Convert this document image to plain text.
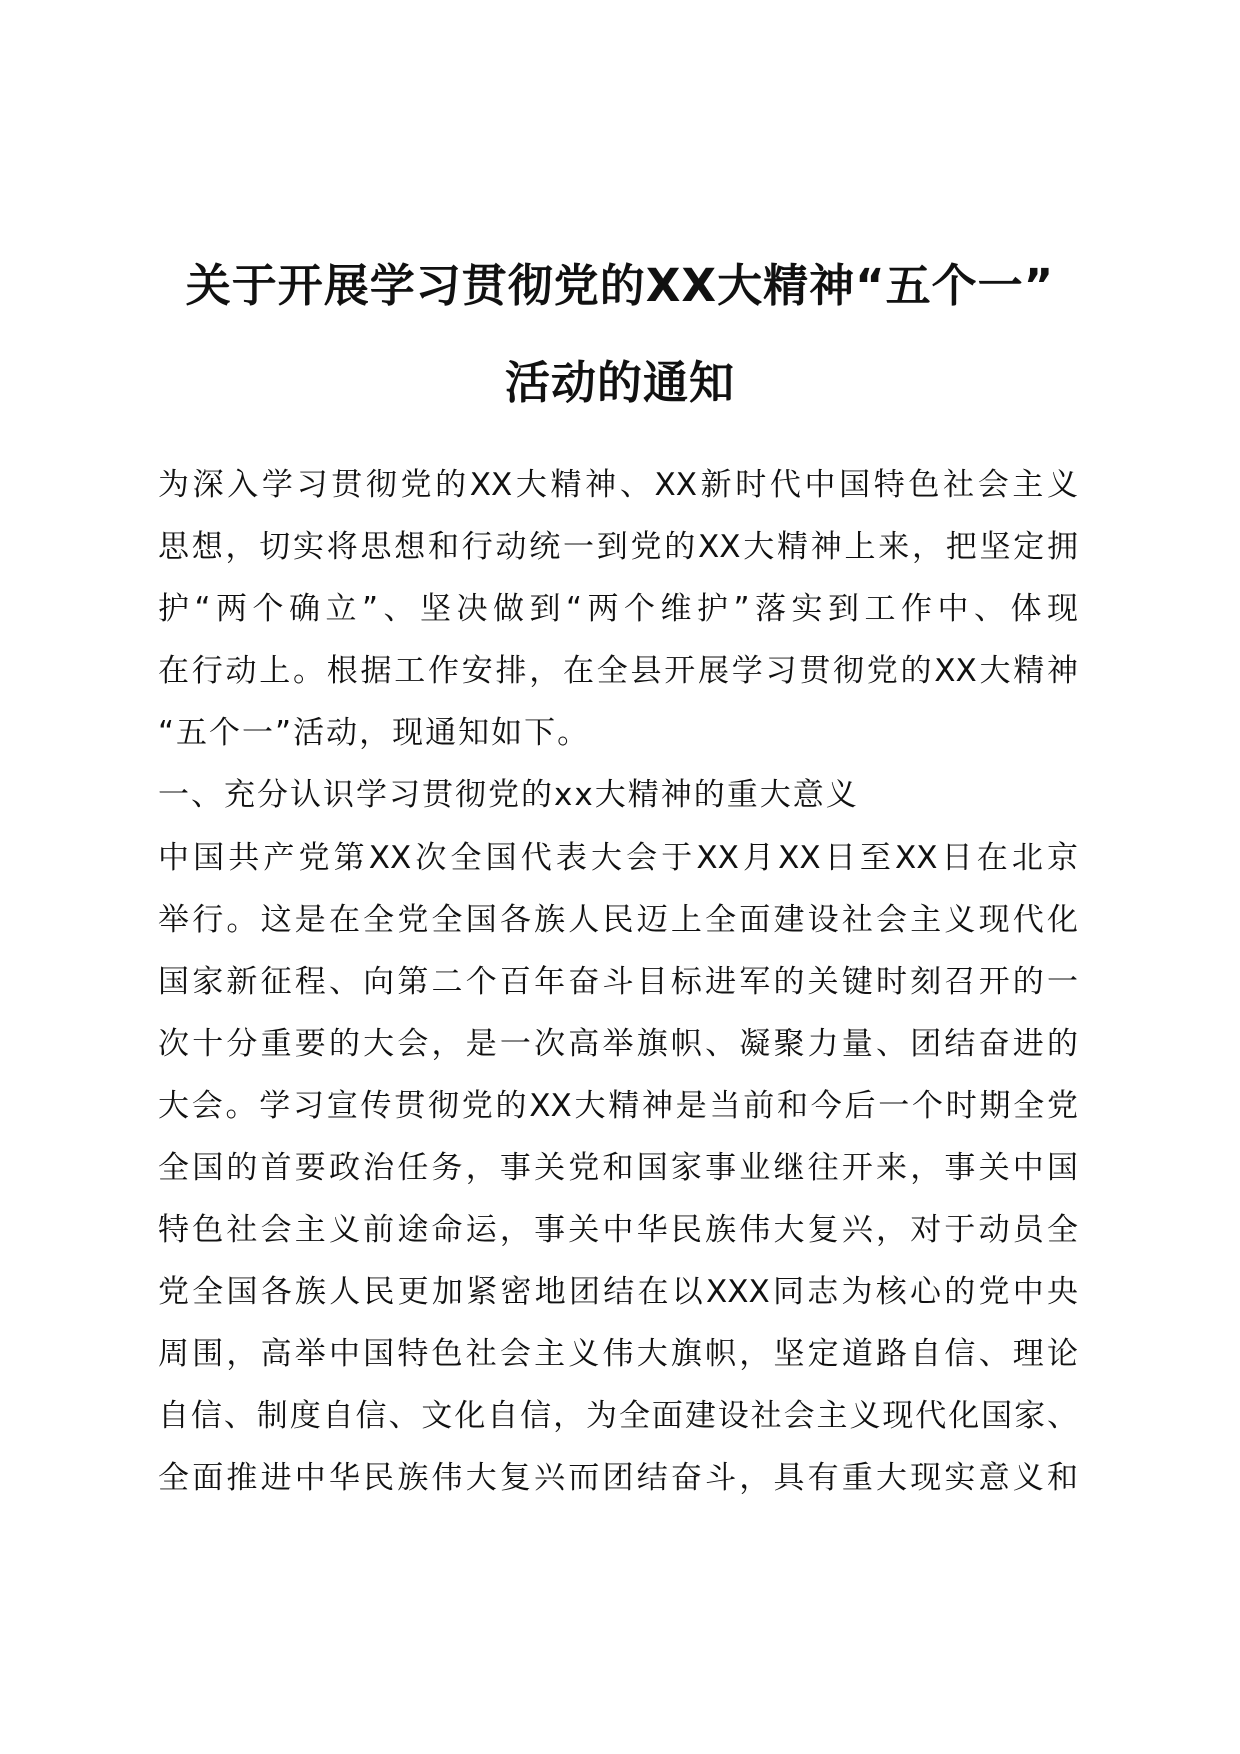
关于开展学习贯彻党的XX大精神“五个一”
活动的通知
为深入学习贯彻党的XX大精神、XX新时代中国特色社会主义
思想，切实将思想和行动统一到党的XX大精神上来，把坚定拥
护“两个确立”、坚决做到“两个维护”落实到工作中、体现
在行动上。根据工作安排，在全县开展学习贯彻党的XX大精神
“五个一”活动，现通知如下。
一、充分认识学习贯彻党的xx大精神的重大意义
中国共产党第XX次全国代表大会于XX月XX日至XX日在北京
举行。这是在全党全国各族人民迈上全面建设社会主义现代化
国家新征程、向第二个百年奋斗目标进军的关键时刻召开的一
次十分重要的大会，是一次高举旗帜、凝聚力量、团结奋进的
大会。学习宣传贯彻党的XX大精神是当前和今后一个时期全党
全国的首要政治任务，事关党和国家事业继往开来，事关中国
特色社会主义前途命运，事关中华民族伟大复兴，对于动员全
党全国各族人民更加紧密地团结在以XXX同志为核心的党中央
周围，高举中国特色社会主义伟大旗帜，坚定道路自信、理论
自信、制度自信、文化自信，为全面建设社会主义现代化国家、
全面推进中华民族伟大复兴而团结奋斗，具有重大现实意义和
